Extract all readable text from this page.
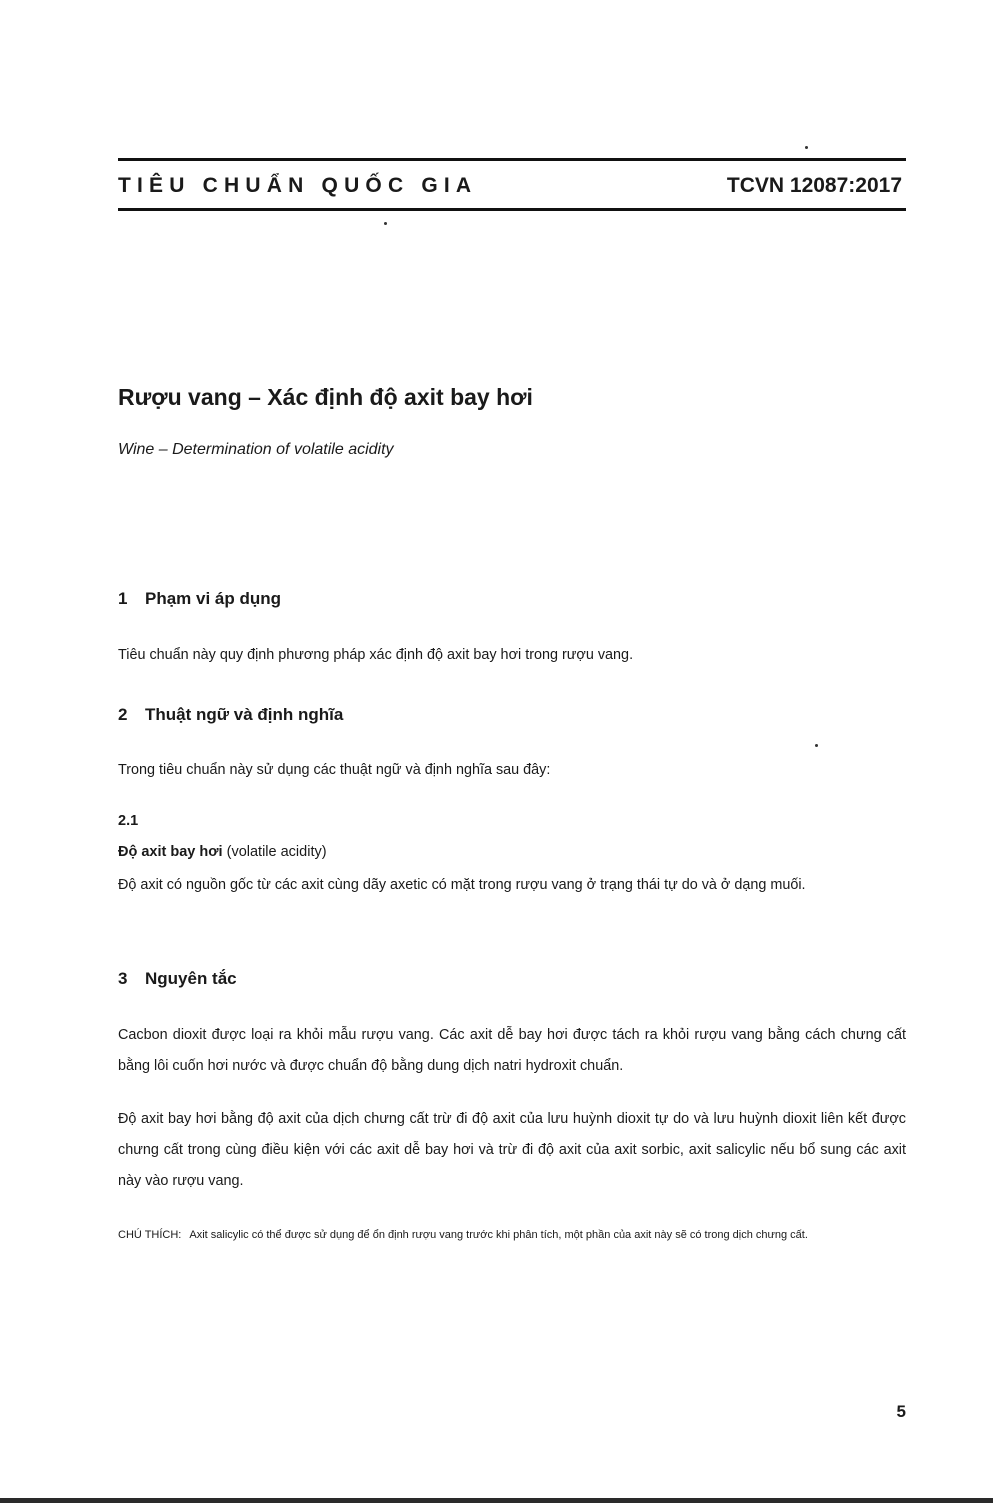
TIÊU CHUẨN QUỐC GIA	TCVN 12087:2017
Rượu vang – Xác định độ axit bay hơi
Wine – Determination of volatile acidity
1 Phạm vi áp dụng
Tiêu chuẩn này quy định phương pháp xác định độ axit bay hơi trong rượu vang.
2 Thuật ngữ và định nghĩa
Trong tiêu chuẩn này sử dụng các thuật ngữ và định nghĩa sau đây:
2.1
Độ axit bay hơi (volatile acidity)
Độ axit có nguồn gốc từ các axit cùng dãy axetic có mặt trong rượu vang ở trạng thái tự do và ở dạng muối.
3 Nguyên tắc
Cacbon dioxit được loại ra khỏi mẫu rượu vang. Các axit dễ bay hơi được tách ra khỏi rượu vang bằng cách chưng cất bằng lôi cuốn hơi nước và được chuẩn độ bằng dung dịch natri hydroxit chuẩn.
Độ axit bay hơi bằng độ axit của dịch chưng cất trừ đi độ axit của lưu huỳnh dioxit tự do và lưu huỳnh dioxit liên kết được chưng cất trong cùng điều kiện với các axit dễ bay hơi và trừ đi độ axit của axit sorbic, axit salicylic nếu bổ sung các axit này vào rượu vang.
CHÚ THÍCH: Axit salicylic có thể được sử dụng để ổn định rượu vang trước khi phân tích, một phần của axit này sẽ có trong dịch chưng cất.
5
